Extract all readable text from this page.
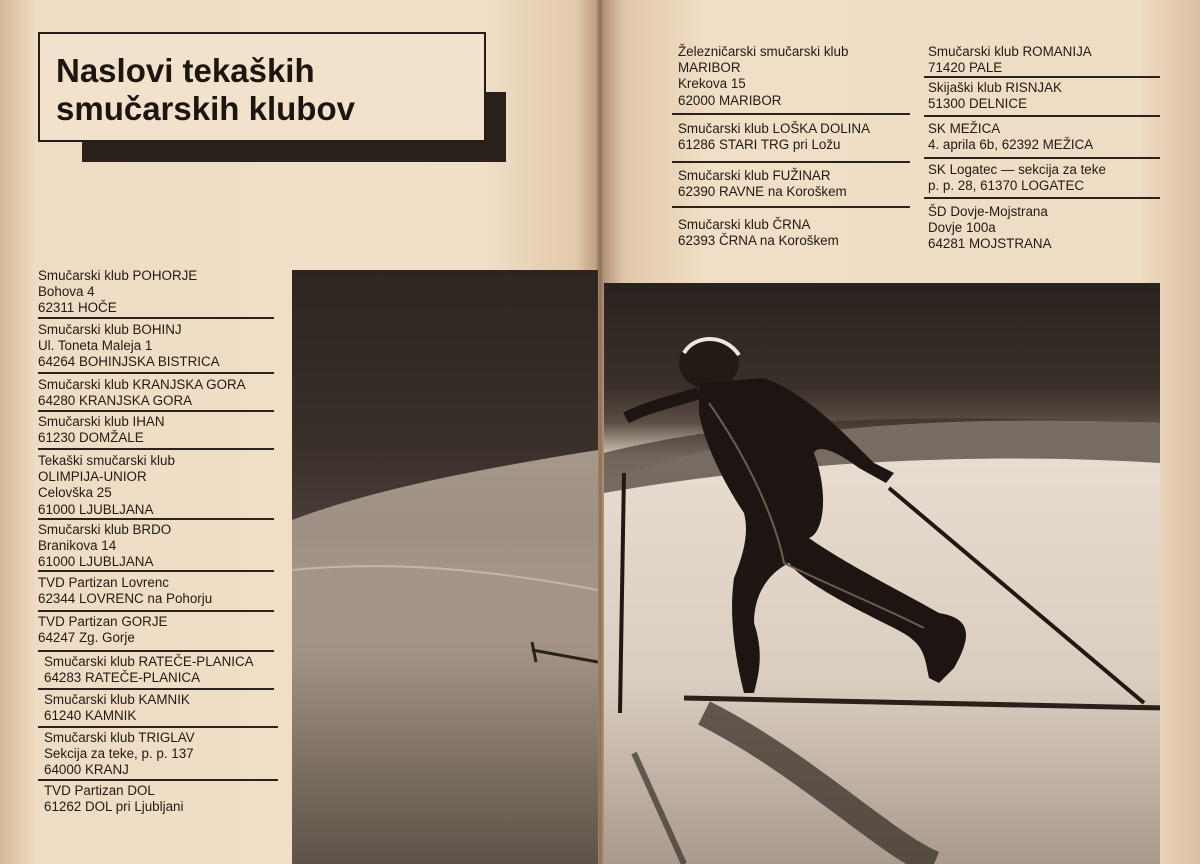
Naslovi tekaških
smučarskih klubov
Smučarski klub POHORJE
Bohova 4
62311 HOČE
Smučarski klub BOHINJ
Ul. Toneta Maleja 1
64264 BOHINJSKA BISTRICA
Smučarski klub KRANJSKA GORA
64280 KRANJSKA GORA
Smučarski klub IHAN
61230 DOMŽALE
Tekaški smučarski klub
OLIMPIJA-UNIOR
Celovška 25
61000 LJUBLJANA
Smučarski klub BRDO
Branikova 14
61000 LJUBLJANA
TVD Partizan Lovrenc
62344 LOVRENC na Pohorju
TVD Partizan GORJE
64247 Zg. Gorje
Smučarski klub RATEČE-PLANICA
64283 RATEČE-PLANICA
Smučarski klub KAMNIK
61240 KAMNIK
Smučarski klub TRIGLAV
Sekcija za teke, p. p. 137
64000 KRANJ
TVD Partizan DOL
61262 DOL pri Ljubljani
Železničarski smučarski klub
MARIBOR
Krekova 15
62000 MARIBOR
Smučarski klub LOŠKA DOLINA
61286 STARI TRG pri Ložu
Smučarski klub FUŽINAR
62390 RAVNE na Koroškem
Smučarski klub ČRNA
62393 ČRNA na Koroškem
Smučarski klub ROMANIJA
71420 PALE
Skijaški klub RISNJAK
51300 DELNICE
SK MEŽICA
4. aprila 6b, 62392 MEŽICA
SK Logatec — sekcija za teke
p. p. 28, 61370 LOGATEC
ŠD Dovje-Mojstrana
Dovje 100a
64281 MOJSTRANA
